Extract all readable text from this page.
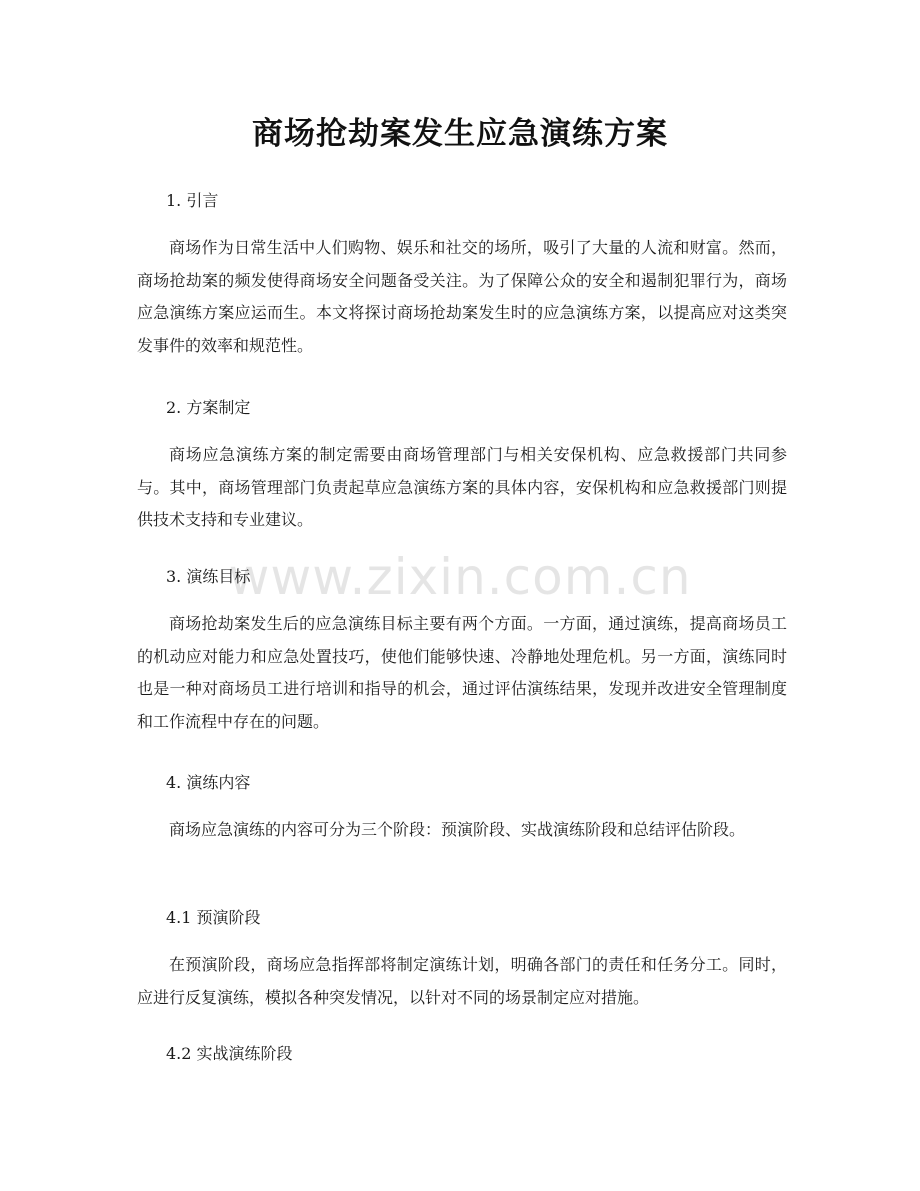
商场抢劫案发生应急演练方案
www.zixin.com.cn

1. 引言

商场作为日常生活中人们购物、娱乐和社交的场所，吸引了大量的人流和财富。然而，商场抢劫案的频发使得商场安全问题备受关注。为了保障公众的安全和遏制犯罪行为，商场应急演练方案应运而生。本文将探讨商场抢劫案发生时的应急演练方案，以提高应对这类突发事件的效率和规范性。

2. 方案制定

商场应急演练方案的制定需要由商场管理部门与相关安保机构、应急救援部门共同参与。其中，商场管理部门负责起草应急演练方案的具体内容，安保机构和应急救援部门则提供技术支持和专业建议。

3. 演练目标

商场抢劫案发生后的应急演练目标主要有两个方面。一方面，通过演练，提高商场员工的机动应对能力和应急处置技巧，使他们能够快速、冷静地处理危机。另一方面，演练同时也是一种对商场员工进行培训和指导的机会，通过评估演练结果，发现并改进安全管理制度和工作流程中存在的问题。

4. 演练内容

商场应急演练的内容可分为三个阶段：预演阶段、实战演练阶段和总结评估阶段。

4.1 预演阶段

在预演阶段，商场应急指挥部将制定演练计划，明确各部门的责任和任务分工。同时，应进行反复演练，模拟各种突发情况，以针对不同的场景制定应对措施。

4.2 实战演练阶段
